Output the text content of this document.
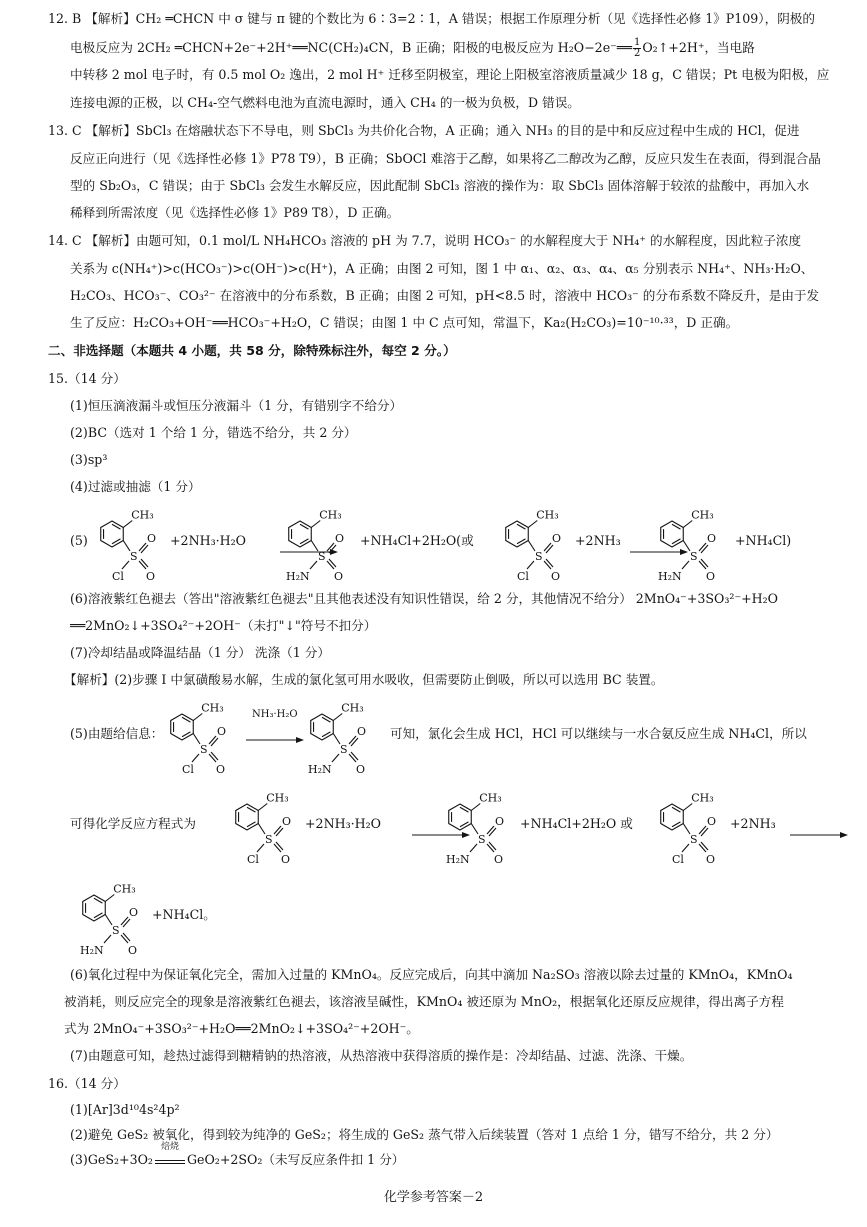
12. B 【解析】CH₂ ═CHCN 中 σ 键与 π 键的个数比为 6∶3=2∶1，A 错误；根据工作原理分析（见《选择性必修 1》P109），阴极的
电极反应为 2CH₂ ═CHCN+2e⁻+2H⁺══NC(CH₂)₄CN，B 正确；阳极的电极反应为 H₂O−2e⁻══ $\frac{1}{2}$ O₂↑+2H⁺，当电路
中转移 2 mol 电子时，有 0.5 mol O₂ 逸出，2 mol H⁺ 迁移至阴极室，理论上阳极室溶液质量减少 18 g，C 错误；Pt 电极为阳极，应
连接电源的正极，以 CH₄-空气燃料电池为直流电源时，通入 CH₄ 的一极为负极，D 错误。
13. C 【解析】SbCl₃ 在熔融状态下不导电，则 SbCl₃ 为共价化合物，A 正确；通入 NH₃ 的目的是中和反应过程中生成的 HCl，促进
反应正向进行（见《选择性必修 1》P78 T9），B 正确；SbOCl 难溶于乙醇，如果将乙二醇改为乙醇，反应只发生在表面，得到混合晶
型的 Sb₂O₃，C 错误；由于 SbCl₃ 会发生水解反应，因此配制 SbCl₃ 溶液的操作为：取 SbCl₃ 固体溶解于较浓的盐酸中，再加入水
稀释到所需浓度（见《选择性必修 1》P89 T8），D 正确。
14. C 【解析】由题可知，0.1 mol/L NH₄HCO₃ 溶液的 pH 为 7.7，说明 HCO₃⁻ 的水解程度大于 NH₄⁺ 的水解程度，因此粒子浓度
关系为 c(NH₄⁺)>c(HCO₃⁻)>c(OH⁻)>c(H⁺)，A 正确；由图 2 可知，图 1 中 α₁、α₂、α₃、α₄、α₅ 分别表示 NH₄⁺、NH₃·H₂O、
H₂CO₃、HCO₃⁻、CO₃²⁻ 在溶液中的分布系数，B 正确；由图 2 可知，pH<8.5 时，溶液中 HCO₃⁻ 的分布系数不降反升，是由于发
生了反应：H₂CO₃+OH⁻══HCO₃⁻+H₂O，C 错误；由图 1 中 C 点可知，常温下，Ka₂(H₂CO₃)=10⁻¹⁰·³³，D 正确。
二、非选择题（本题共 4 小题，共 58 分，除特殊标注外，每空 2 分。）
15.（14 分）
(1)恒压滴液漏斗或恒压分液漏斗（1 分，有错别字不给分）
(2)BC（选对 1 个给 1 分，错选不给分，共 2 分）
(3)sp³
(4)过滤或抽滤（1 分）
(5)
CH₃
S
O
O
Cl
+2NH₃·H₂O
CH₃
S
O
O
H₂N
+NH₄Cl+2H₂O(或
CH₃
S
O
O
Cl
+2NH₃
CH₃
S
O
O
H₂N
+NH₄Cl)
(6)溶液紫红色褪去（答出"溶液紫红色褪去"且其他表述没有知识性错误，给 2 分，其他情况不给分） 2MnO₄⁻+3SO₃²⁻+H₂O
══2MnO₂↓+3SO₄²⁻+2OH⁻（未打"↓"符号不扣分）
(7)冷却结晶或降温结晶（1 分） 洗涤（1 分）
【解析】(2)步骤 I 中氯磺酸易水解，生成的氯化氢可用水吸收，但需要防止倒吸，所以可以选用 BC 装置。
(5)由题给信息：
CH₃
S
O
O
Cl
NH₃·H₂O	CH₃
S
O
O
H₂N
可知，氯化会生成 HCl，HCl 可以继续与一水合氨反应生成 NH₄Cl，所以
可得化学反应方程式为
CH₃
S
O
O
Cl
+2NH₃·H₂O
CH₃
S
O
O
H₂N
+NH₄Cl+2H₂O 或
CH₃
S
O
O
Cl
+2NH₃
CH₃
S
O
O
H₂N
+NH₄Cl。
(6)氧化过程中为保证氧化完全，需加入过量的 KMnO₄。反应完成后，向其中滴加 Na₂SO₃ 溶液以除去过量的 KMnO₄，KMnO₄
被消耗，则反应完全的现象是溶液紫红色褪去，该溶液呈碱性，KMnO₄ 被还原为 MnO₂，根据氧化还原反应规律，得出离子方程
式为 2MnO₄⁻+3SO₃²⁻+H₂O══2MnO₂↓+3SO₄²⁻+2OH⁻。
(7)由题意可知，趁热过滤得到糖精钠的热溶液，从热溶液中获得溶质的操作是：冷却结晶、过滤、洗涤、干燥。
16.（14 分）
(1)[Ar]3d¹⁰4s²4p²
(2)避免 GeS₂ 被氧化，得到较为纯净的 GeS₂；将生成的 GeS₂ 蒸气带入后续装置（答对 1 点给 1 分，错写不给分，共 2 分）
(3)GeS₂+3O₂
焙烧
GeO₂+2SO₂（未写反应条件扣 1 分）
化学参考答案－2
